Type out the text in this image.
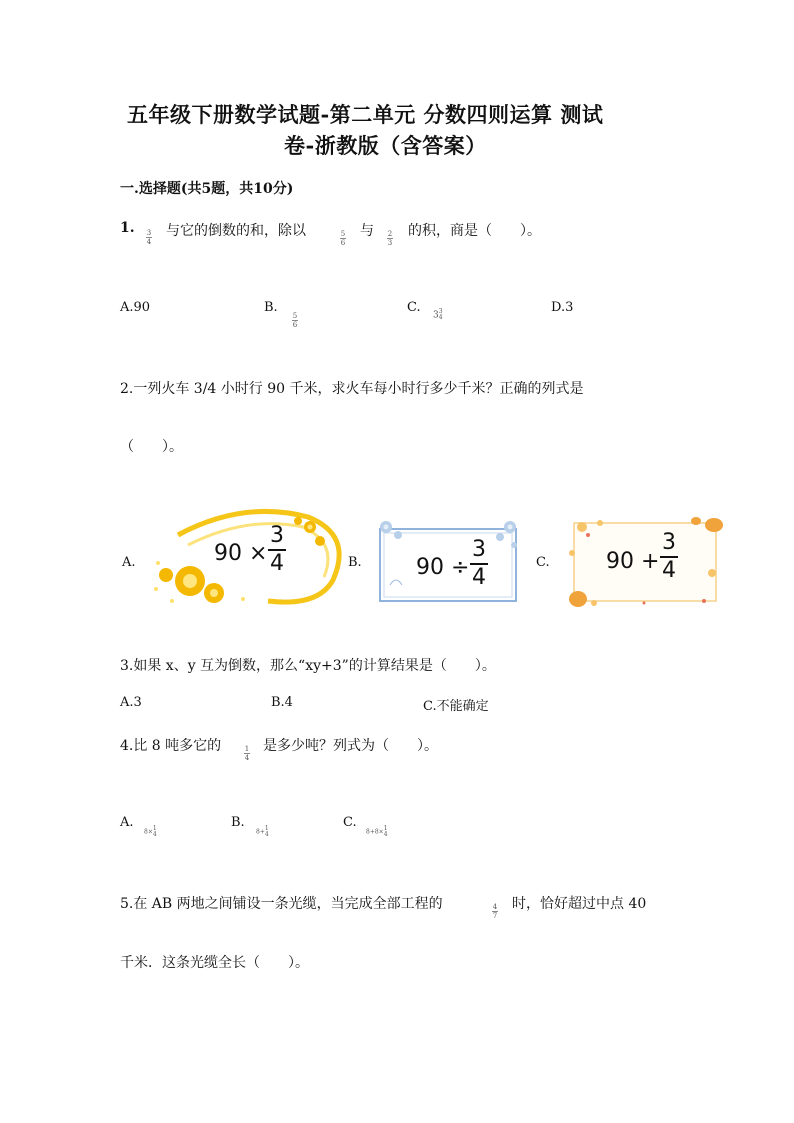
五年级下册数学试题-第二单元 分数四则运算 测试
卷-浙教版（含答案）
一.选择题(共5题，共10分)
1. 3
4
与它的倒数的和，除以	5
6
与 2
3
的积，商是（　　）。
A.90	B.
5
6
C.
33
4
D.3
2.一列火车 3/4 小时行 90 千米，求火车每小时行多少千米？正确的列式是
（　　）。
A.	90 ×
3
4	B. 90 ÷
3
4
C.	90 +
3
4
3.如果 x、y 互为倒数，那么“xy+3”的计算结果是（　　）。
A.3	B.4	C.不能确定
4.比 8 吨多它的	1
4
是多少吨？列式为（　　）。
A.
8×1
4
B.
8+1
4
C.
8+8×1
4
5.在 AB 两地之间铺设一条光缆，当完成全部工程的	4
7
时，恰好超过中点 40
千米．这条光缆全长（　　）。
